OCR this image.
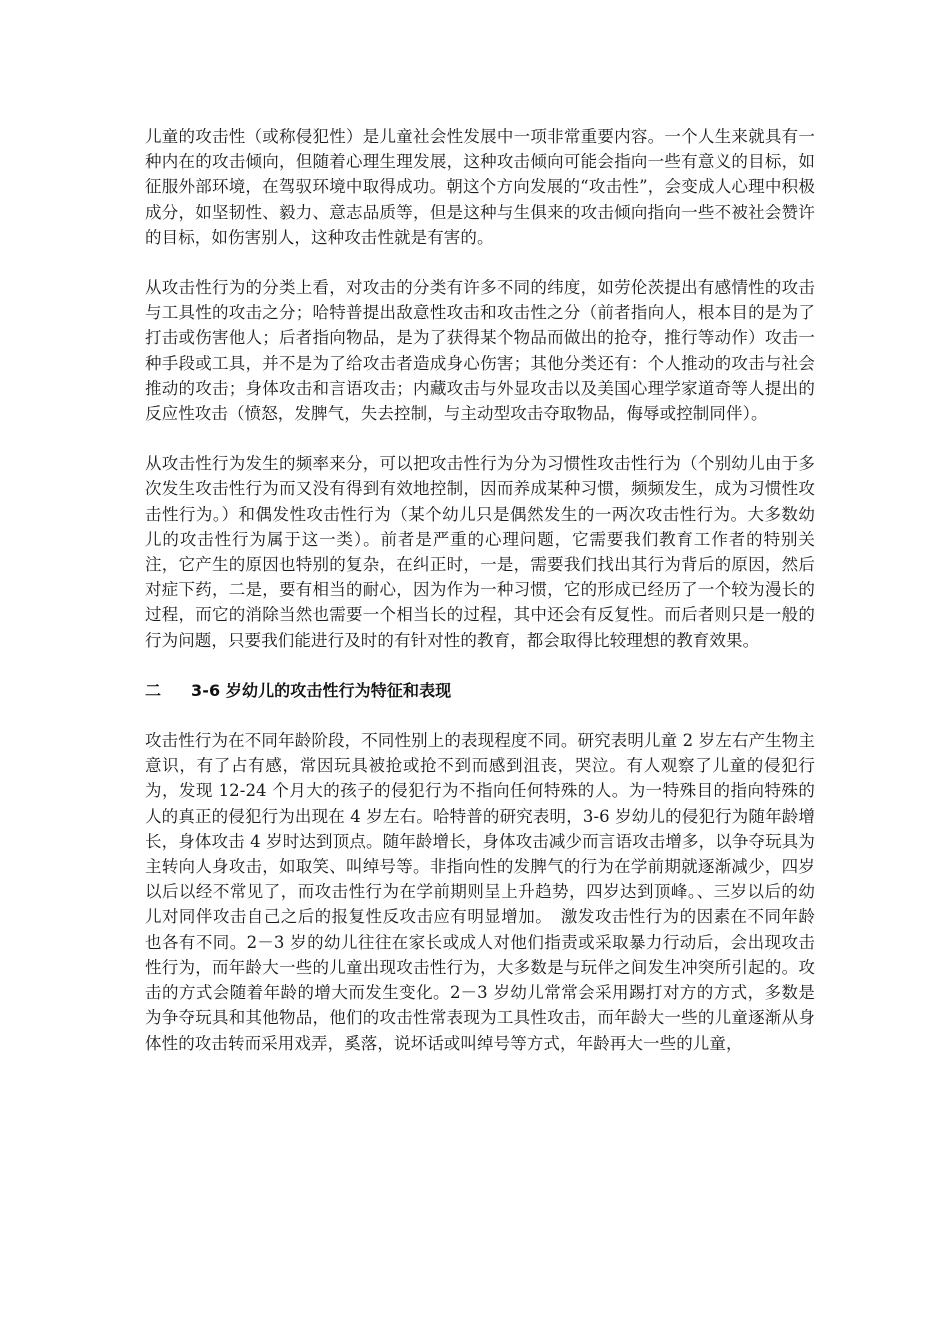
儿童的攻击性（或称侵犯性）是儿童社会性发展中一项非常重要内容。一个人生来就具有一种内在的攻击倾向，但随着心理生理发展，这种攻击倾向可能会指向一些有意义的目标，如征服外部环境，在驾驭环境中取得成功。朝这个方向发展的“攻击性”，会变成人心理中积极成分，如坚韧性、毅力、意志品质等，但是这种与生俱来的攻击倾向指向一些不被社会赞许的目标，如伤害别人，这种攻击性就是有害的。

从攻击性行为的分类上看，对攻击的分类有许多不同的纬度，如劳伦茨提出有感情性的攻击与工具性的攻击之分；哈特普提出敌意性攻击和攻击性之分（前者指向人，根本目的是为了打击或伤害他人；后者指向物品，是为了获得某个物品而做出的抢夺，推行等动作）攻击一种手段或工具，并不是为了给攻击者造成身心伤害；其他分类还有：个人推动的攻击与社会推动的攻击；身体攻击和言语攻击；内藏攻击与外显攻击以及美国心理学家道奇等人提出的反应性攻击（愤怒，发脾气，失去控制，与主动型攻击夺取物品，侮辱或控制同伴）。

从攻击性行为发生的频率来分，可以把攻击性行为分为习惯性攻击性行为（个别幼儿由于多次发生攻击性行为而又没有得到有效地控制，因而养成某种习惯，频频发生，成为习惯性攻击性行为。）和偶发性攻击性行为（某个幼儿只是偶然发生的一两次攻击性行为。大多数幼儿的攻击性行为属于这一类）。前者是严重的心理问题，它需要我们教育工作者的特别关注，它产生的原因也特别的复杂，在纠正时，一是，需要我们找出其行为背后的原因，然后对症下药，二是，要有相当的耐心，因为作为一种习惯，它的形成已经历了一个较为漫长的过程，而它的消除当然也需要一个相当长的过程，其中还会有反复性。而后者则只是一般的行为问题，只要我们能进行及时的有针对性的教育，都会取得比较理想的教育效果。

二 3-6 岁幼儿的攻击性行为特征和表现

攻击性行为在不同年龄阶段，不同性别上的表现程度不同。研究表明儿童 2 岁左右产生物主意识，有了占有感，常因玩具被抢或抢不到而感到沮丧，哭泣。有人观察了儿童的侵犯行为，发现 12-24 个月大的孩子的侵犯行为不指向任何特殊的人。为一特殊目的指向特殊的人的真正的侵犯行为出现在 4 岁左右。哈特普的研究表明，3-6 岁幼儿的侵犯行为随年龄增长，身体攻击 4 岁时达到顶点。随年龄增长，身体攻击减少而言语攻击增多，以争夺玩具为主转向人身攻击，如取笑、叫绰号等。非指向性的发脾气的行为在学前期就逐渐减少，四岁以后以经不常见了，而攻击性行为在学前期则呈上升趋势，四岁达到顶峰。、三岁以后的幼儿对同伴攻击自己之后的报复性反攻击应有明显增加。　激发攻击性行为的因素在不同年龄也各有不同。2－3 岁的幼儿往往在家长或成人对他们指责或采取暴力行动后，会出现攻击性行为，而年龄大一些的儿童出现攻击性行为，大多数是与玩伴之间发生冲突所引起的。攻击的方式会随着年龄的增大而发生变化。2－3 岁幼儿常常会采用踢打对方的方式，多数是为争夺玩具和其他物品，他们的攻击性常表现为工具性攻击，而年龄大一些的儿童逐渐从身体性的攻击转而采用戏弄，奚落，说坏话或叫绰号等方式，年龄再大一些的儿童，
